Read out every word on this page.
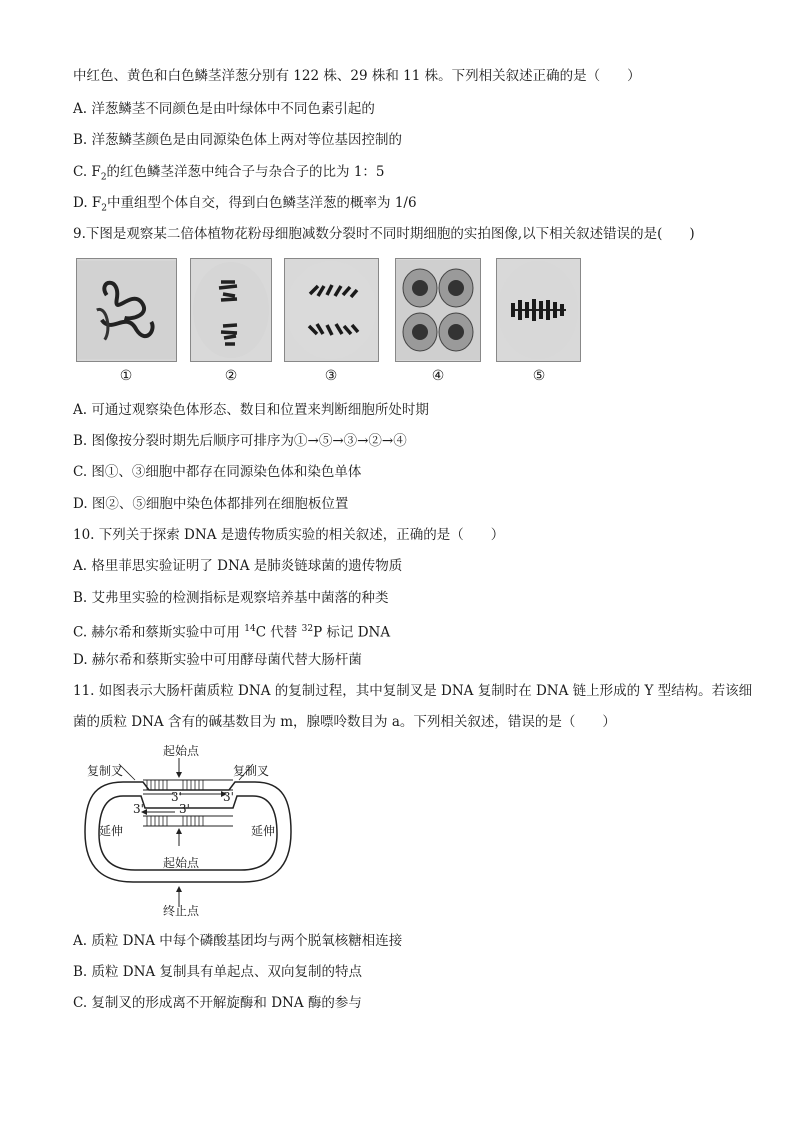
中红色、黄色和白色鳞茎洋葱分别有 122 株、29 株和 11 株。下列相关叙述正确的是（　　）
A. 洋葱鳞茎不同颜色是由叶绿体中不同色素引起的
B. 洋葱鳞茎颜色是由同源染色体上两对等位基因控制的
C. $F_2$的红色鳞茎洋葱中纯合子与杂合子的比为 1：5
D. $F_2$中重组型个体自交，得到白色鳞茎洋葱的概率为 1/6
9.下图是观察某二倍体植物花粉母细胞减数分裂时不同时期细胞的实拍图像,以下相关叙述错误的是(　　)
①	②	③	④	⑤
A. 可通过观察染色体形态、数目和位置来判断细胞所处时期
B. 图像按分裂时期先后顺序可排序为①→⑤→③→②→④
C. 图①、③细胞中都存在同源染色体和染色单体
D. 图②、⑤细胞中染色体都排列在细胞板位置
10. 下列关于探索 DNA 是遗传物质实验的相关叙述，正确的是（　　）
A. 格里菲思实验证明了 DNA 是肺炎链球菌的遗传物质
B. 艾弗里实验的检测指标是观察培养基中菌落的种类
C. 赫尔希和蔡斯实验中可用 $^{14}$C 代替 $^{32}$P 标记 DNA
D. 赫尔希和蔡斯实验中可用酵母菌代替大肠杆菌
11. 如图表示大肠杆菌质粒 DNA 的复制过程，其中复制叉是 DNA 复制时在 DNA 链上形成的 Y 型结构。若该细
菌的质粒 DNA 含有的碱基数目为 m，腺嘌呤数目为 a。下列相关叙述，错误的是（　　）
起始点
复制叉	复制叉
3'	3'
3'	3'
延伸	延伸
起始点
终止点
A. 质粒 DNA 中每个磷酸基团均与两个脱氧核糖相连接
B. 质粒 DNA 复制具有单起点、双向复制的特点
C. 复制叉的形成离不开解旋酶和 DNA 酶的参与
